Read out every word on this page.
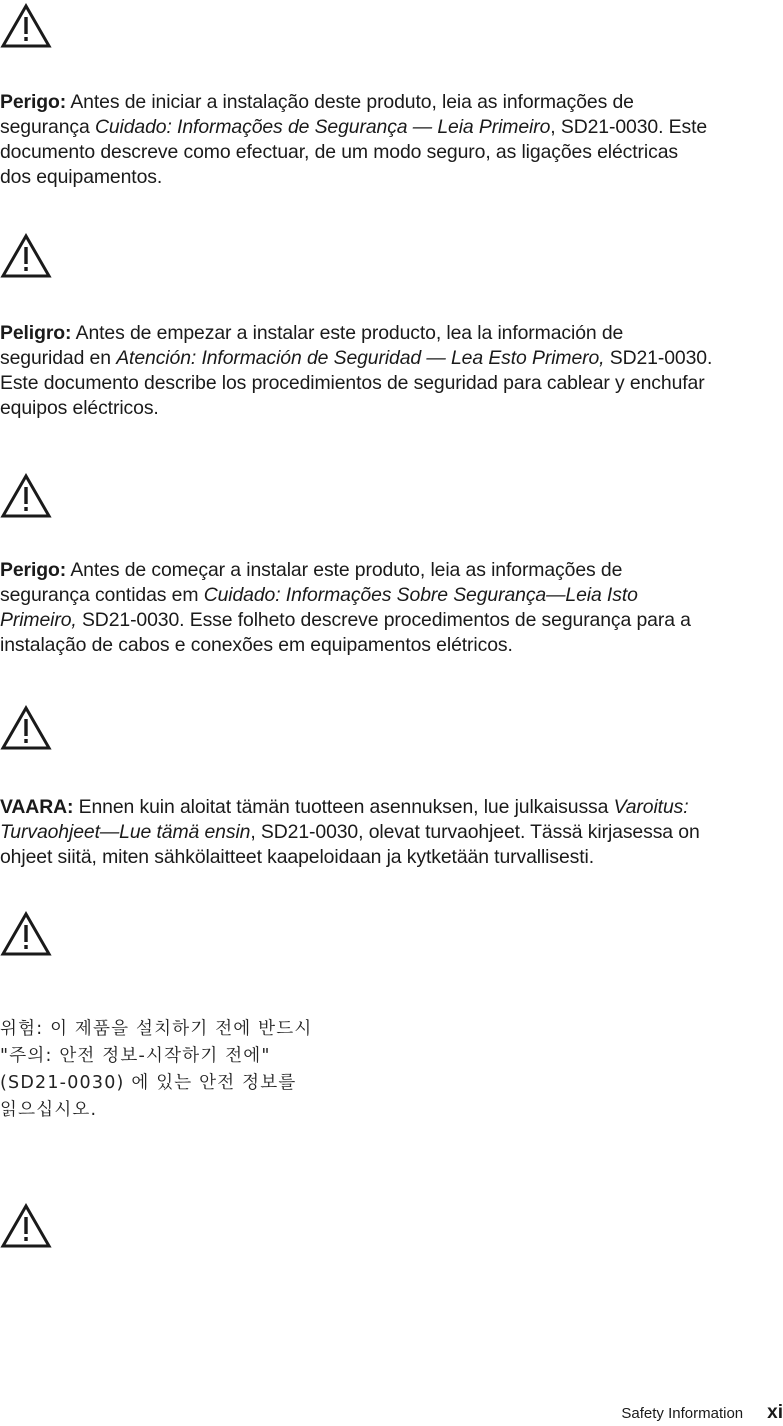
Perigo: Antes de iniciar a instalação deste produto, leia as informações de
segurança Cuidado: Informações de Segurança — Leia Primeiro, SD21-0030. Este
documento descreve como efectuar, de um modo seguro, as ligações eléctricas
dos equipamentos.
Peligro: Antes de empezar a instalar este producto, lea la información de
seguridad en Atención: Información de Seguridad — Lea Esto Primero, SD21-0030.
Este documento describe los procedimientos de seguridad para cablear y enchufar
equipos eléctricos.
Perigo: Antes de começar a instalar este produto, leia as informações de
segurança contidas em Cuidado: Informações Sobre Segurança—Leia Isto
Primeiro, SD21-0030. Esse folheto descreve procedimentos de segurança para a
instalação de cabos e conexões em equipamentos elétricos.
VAARA: Ennen kuin aloitat tämän tuotteen asennuksen, lue julkaisussa Varoitus:
Turvaohjeet—Lue tämä ensin, SD21-0030, olevat turvaohjeet. Tässä kirjasessa on
ohjeet siitä, miten sähkölaitteet kaapeloidaan ja kytketään turvallisesti.
위험: 이 제품을 설치하기 전에 반드시
"주의: 안전 정보-시작하기 전에"
(SD21-0030) 에 있는 안전 정보를
읽으십시오.
Safety Information xi
